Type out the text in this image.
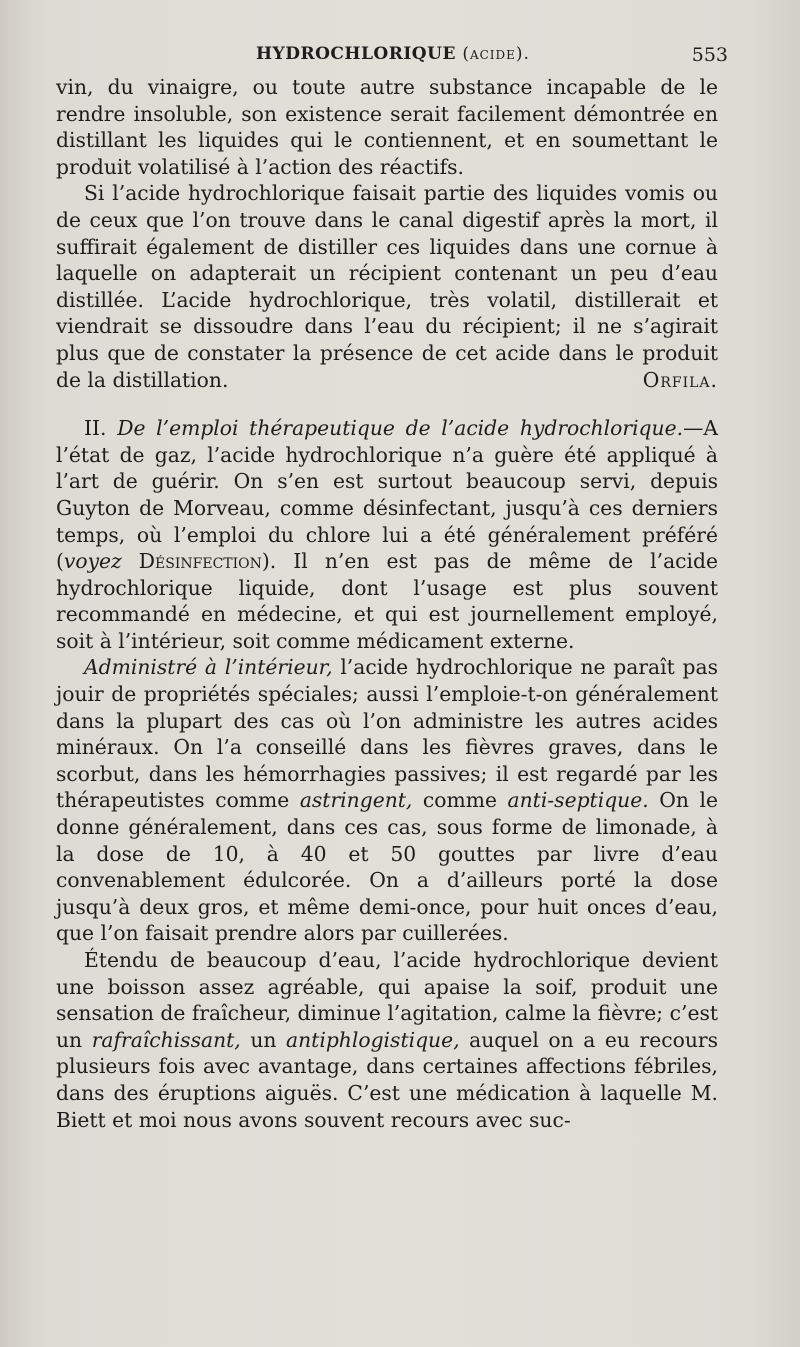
HYDROCHLORIQUE (acide).	553

vin, du vinaigre, ou toute autre substance incapable de le rendre insoluble, son existence serait facilement démontrée en distillant les liquides qui le contiennent, et en soumettant le produit volatilisé à l’action des réactifs.

Si l’acide hydrochlorique faisait partie des liquides vomis ou de ceux que l’on trouve dans le canal digestif après la mort, il suffirait également de distiller ces liquides dans une cornue à laquelle on adapterait un récipient contenant un peu d’eau distillée. L’acide hydrochlorique, très volatil, distillerait et viendrait se dissoudre dans l’eau du récipient; il ne s’agirait plus que de constater la présence de cet acide dans le produit de la distillation.	Orfila.

II. De l’emploi thérapeutique de l’acide hydrochlorique.—A l’état de gaz, l’acide hydrochlorique n’a guère été appliqué à l’art de guérir. On s’en est surtout beaucoup servi, depuis Guyton de Morveau, comme désinfectant, jusqu’à ces derniers temps, où l’emploi du chlore lui a été généralement préféré (voyez Désinfection). Il n’en est pas de même de l’acide hydrochlorique liquide, dont l’usage est plus souvent recommandé en médecine, et qui est journellement employé, soit à l’intérieur, soit comme médicament externe.

Administré à l’intérieur, l’acide hydrochlorique ne paraît pas jouir de propriétés spéciales; aussi l’emploie-t-on généralement dans la plupart des cas où l’on administre les autres acides minéraux. On l’a conseillé dans les fièvres graves, dans le scorbut, dans les hémorrhagies passives; il est regardé par les thérapeutistes comme astringent, comme anti-septique. On le donne généralement, dans ces cas, sous forme de limonade, à la dose de 10, à 40 et 50 gouttes par livre d’eau convenablement édulcorée. On a d’ailleurs porté la dose jusqu’à deux gros, et même demi-once, pour huit onces d’eau, que l’on faisait prendre alors par cuillerées.

Étendu de beaucoup d’eau, l’acide hydrochlorique devient une boisson assez agréable, qui apaise la soif, produit une sensation de fraîcheur, diminue l’agitation, calme la fièvre; c’est un rafraîchissant, un antiphlogistique, auquel on a eu recours plusieurs fois avec avantage, dans certaines affections fébriles, dans des éruptions aiguës. C’est une médication à laquelle M. Biett et moi nous avons souvent recours avec suc-
